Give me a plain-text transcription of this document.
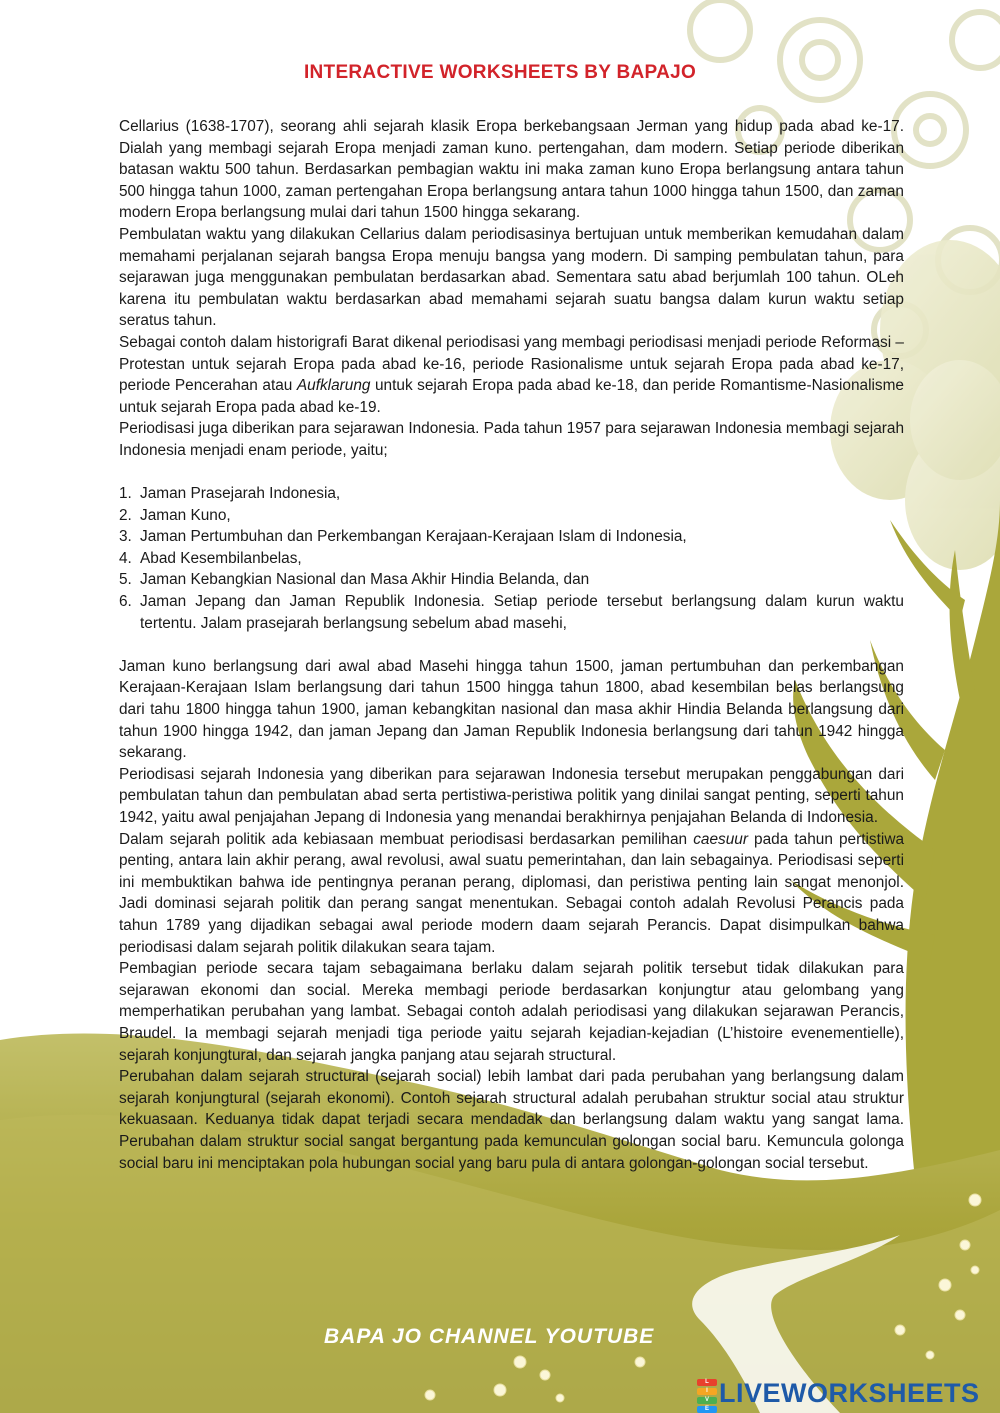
INTERACTIVE WORKSHEETS BY BAPAJO

Cellarius (1638-1707), seorang ahli sejarah klasik Eropa berkebangsaan Jerman yang hidup pada abad ke-17. Dialah yang membagi sejarah Eropa menjadi zaman kuno. pertengahan, dam modern. Setiap periode diberikan batasan waktu 500 tahun. Berdasarkan pembagian waktu ini maka zaman kuno Eropa berlangsung antara tahun 500 hingga tahun 1000, zaman pertengahan Eropa berlangsung antara tahun 1000 hingga tahun 1500, dan zaman modern Eropa berlangsung mulai dari tahun 1500 hingga sekarang.

Pembulatan waktu yang dilakukan Cellarius dalam periodisasinya bertujuan untuk memberikan kemudahan dalam memahami perjalanan sejarah bangsa Eropa menuju bangsa yang modern. Di samping pembulatan tahun, para sejarawan juga menggunakan pembulatan berdasarkan abad. Sementara satu abad berjumlah 100 tahun. OLeh karena itu pembulatan waktu berdasarkan abad memahami sejarah suatu bangsa dalam kurun waktu setiap seratus tahun.

Sebagai contoh dalam historigrafi Barat dikenal periodisasi yang membagi periodisasi menjadi periode Reformasi – Protestan untuk sejarah Eropa pada abad ke-16, periode Rasionalisme untuk sejarah Eropa pada abad ke-17, periode Pencerahan atau Aufklarung untuk sejarah Eropa pada abad ke-18, dan peride Romantisme-Nasionalisme untuk sejarah Eropa pada abad ke-19.

Periodisasi juga diberikan para sejarawan Indonesia. Pada tahun 1957 para sejarawan Indonesia membagi sejarah Indonesia menjadi enam periode, yaitu;

1. Jaman Prasejarah Indonesia,
2. Jaman Kuno,
3. Jaman Pertumbuhan dan Perkembangan Kerajaan-Kerajaan Islam di Indonesia,
4. Abad Kesembilanbelas,
5. Jaman Kebangkian Nasional dan Masa Akhir Hindia Belanda, dan
6. Jaman Jepang dan Jaman Republik Indonesia. Setiap periode tersebut berlangsung dalam kurun waktu tertentu. Jalam prasejarah berlangsung sebelum abad masehi,

Jaman kuno berlangsung dari awal abad Masehi hingga tahun 1500, jaman pertumbuhan dan perkembangan Kerajaan-Kerajaan Islam berlangsung dari tahun 1500 hingga tahun 1800, abad kesembilan belas berlangsung dari tahu 1800 hingga tahun 1900, jaman kebangkitan nasional dan masa akhir Hindia Belanda berlangsung dari tahun 1900 hingga 1942, dan jaman Jepang dan Jaman Republik Indonesia berlangsung dari tahun 1942 hingga sekarang.

Periodisasi sejarah Indonesia yang diberikan para sejarawan Indonesia tersebut merupakan penggabungan dari pembulatan tahun dan pembulatan abad serta pertistiwa-peristiwa politik yang dinilai sangat penting, seperti tahun 1942, yaitu awal penjajahan Jepang di Indonesia yang menandai berakhirnya penjajahan Belanda di Indonesia.

Dalam sejarah politik ada kebiasaan membuat periodisasi berdasarkan pemilihan caesuur pada tahun pertistiwa penting, antara lain akhir perang, awal revolusi, awal suatu pemerintahan, dan lain sebagainya. Periodisasi seperti ini membuktikan bahwa ide pentingnya peranan perang, diplomasi, dan peristiwa penting lain sangat menonjol. Jadi dominasi sejarah politik dan perang sangat menentukan. Sebagai contoh adalah Revolusi Perancis pada tahun 1789 yang dijadikan sebagai awal periode modern daam sejarah Perancis. Dapat disimpulkan bahwa periodisasi dalam sejarah politik dilakukan seara tajam.

Pembagian periode secara tajam sebagaimana berlaku dalam sejarah politik tersebut tidak dilakukan para sejarawan ekonomi dan social. Mereka membagi periode berdasarkan konjungtur atau gelombang yang memperhatikan perubahan yang lambat. Sebagai contoh adalah periodisasi yang dilakukan sejarawan Perancis, Braudel. Ia membagi sejarah menjadi tiga periode yaitu sejarah kejadian-kejadian (L’histoire evenementielle), sejarah konjungtural, dan sejarah jangka panjang atau sejarah structural.

Perubahan dalam sejarah structural (sejarah social) lebih lambat dari pada perubahan yang berlangsung dalam sejarah konjungtural (sejarah ekonomi). Contoh sejarah structural adalah perubahan struktur social atau struktur kekuasaan. Keduanya tidak dapat terjadi secara mendadak dan berlangsung dalam waktu yang sangat lama. Perubahan dalam struktur social sangat bergantung pada kemunculan golongan social baru. Kemuncula golonga social baru ini menciptakan pola hubungan social yang baru pula di antara golongan-golongan social tersebut.

BAPA JO CHANNEL YOUTUBE
L
I
V
E
LIVEWORKSHEETS
